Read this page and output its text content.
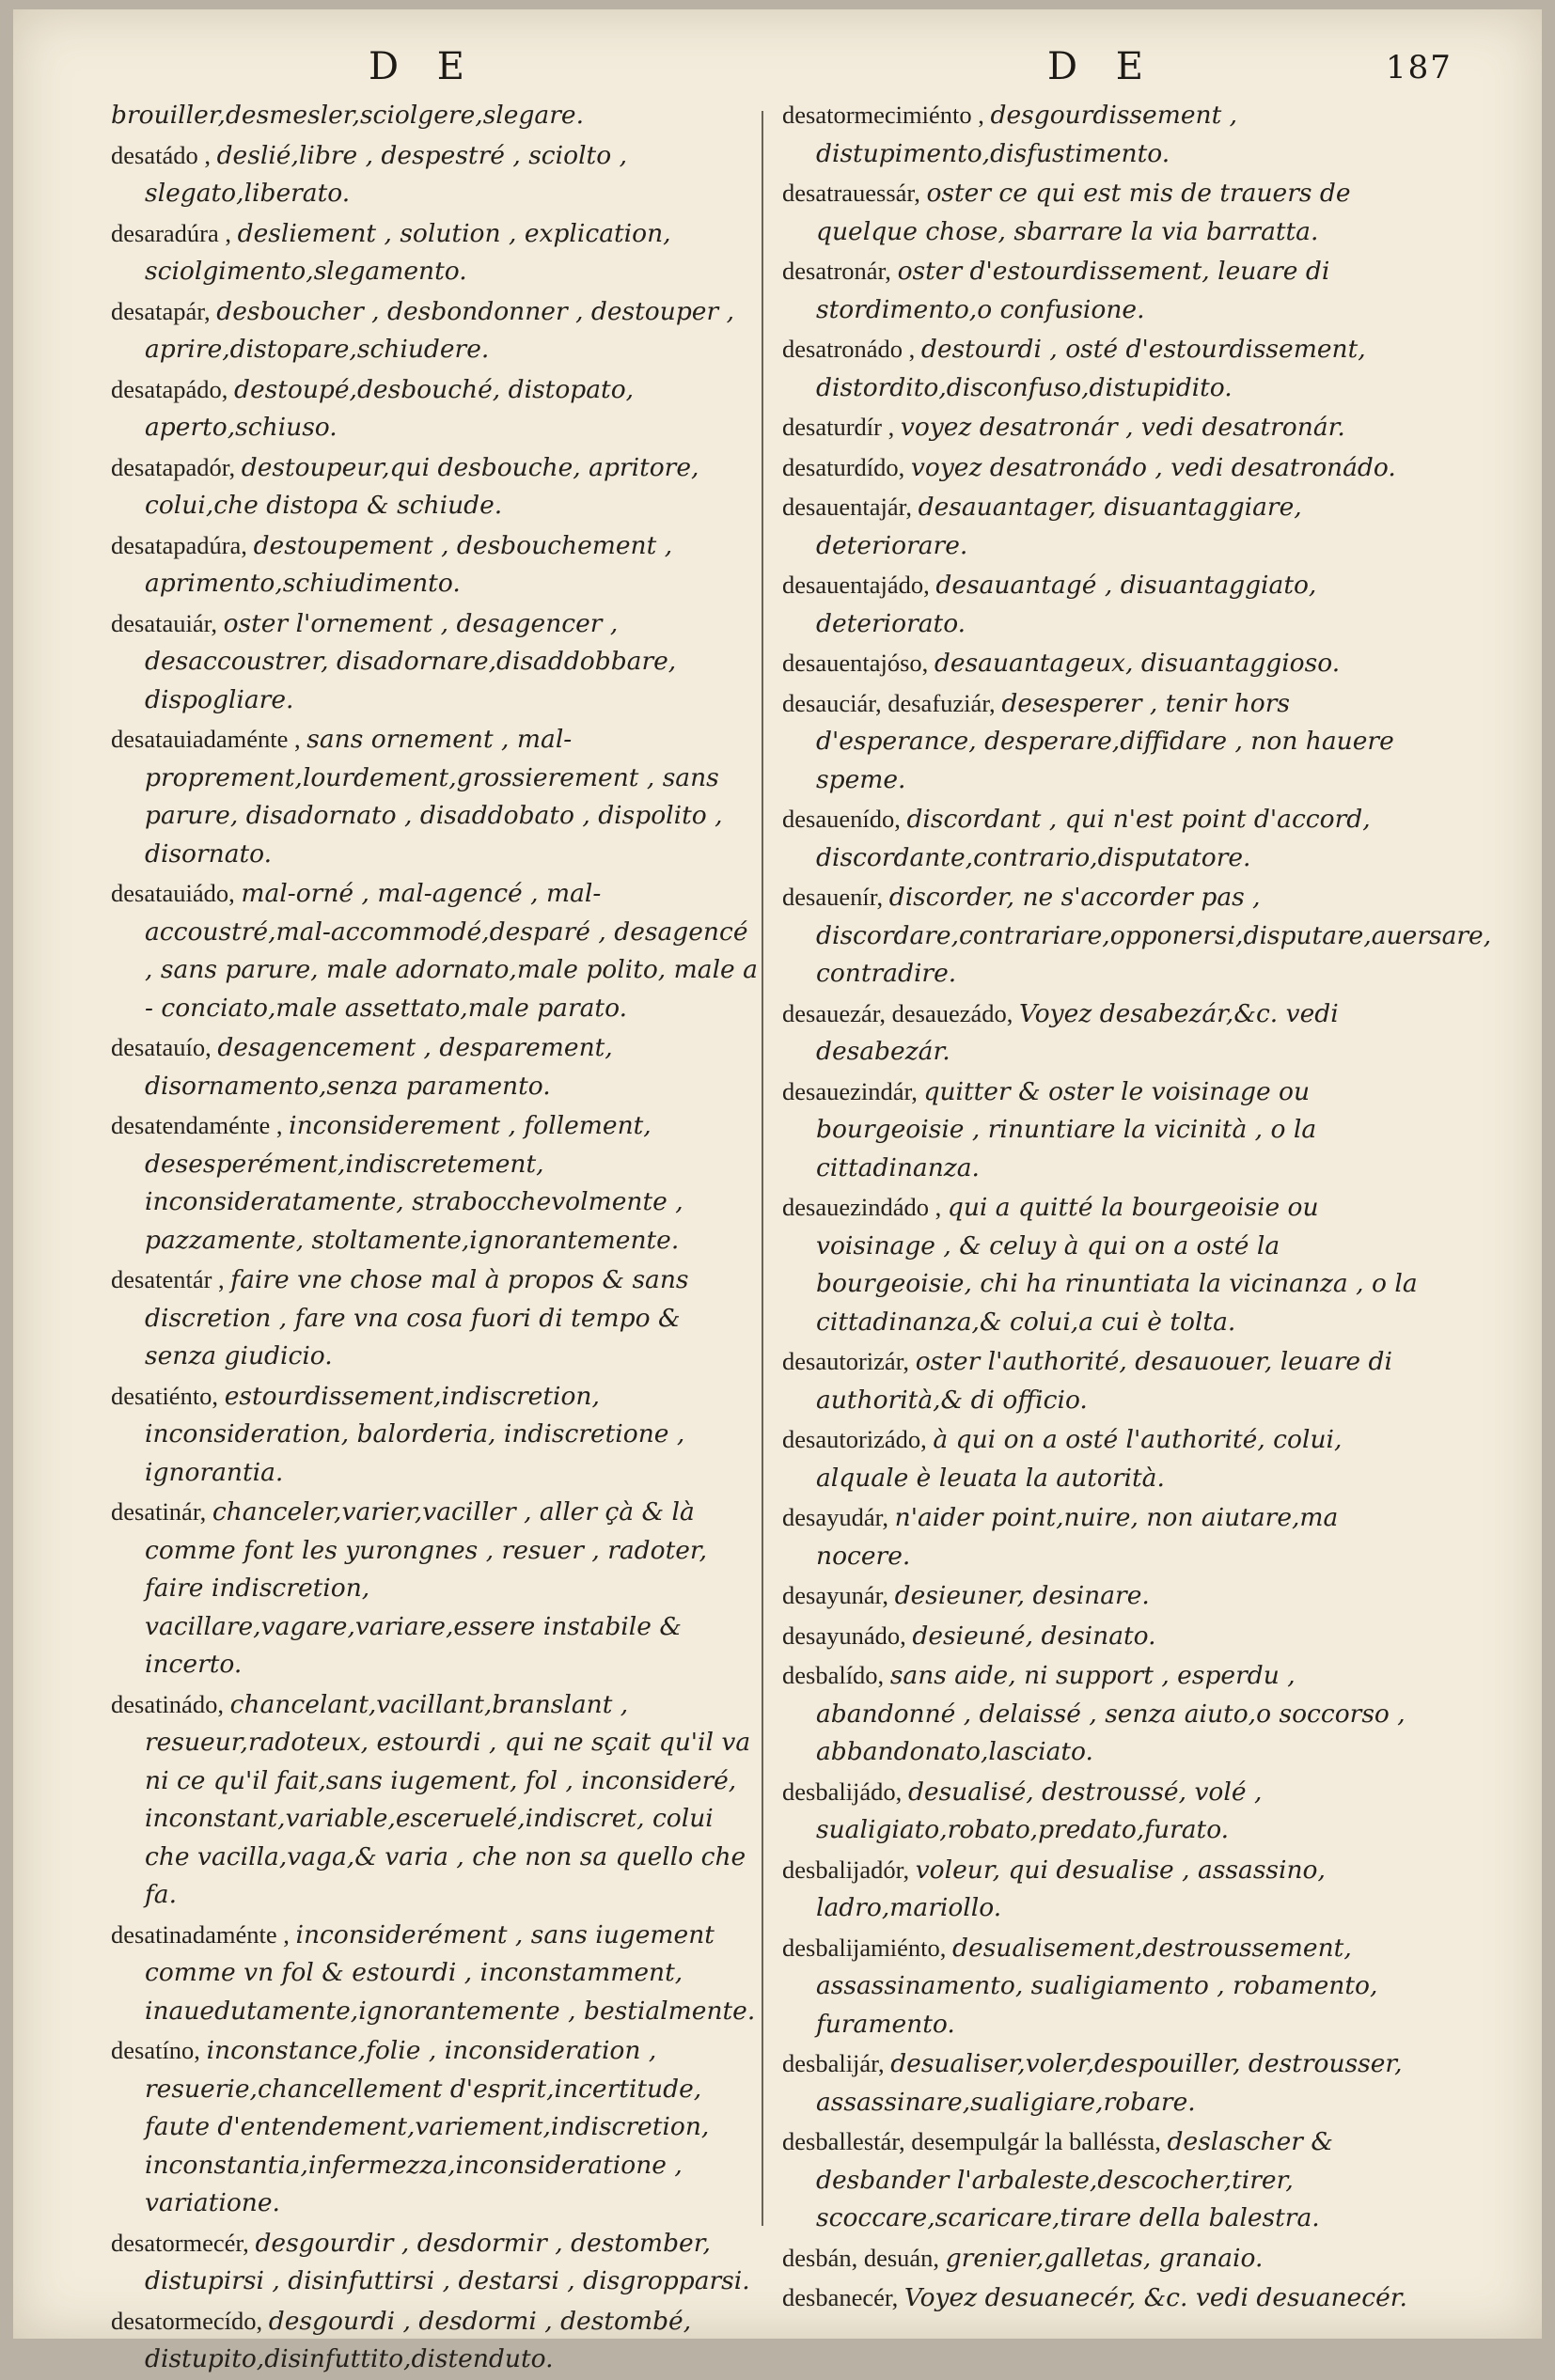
D E	D E	187
brouiller,desmesler,sciolgere,slegare.
desatádo , deslié,libre , despestré , sciolto , slegato,liberato.
desaradúra , desliement , solution , explication, sciolgimento,slegamento.
desatapár, desboucher , desbondonner , destouper , aprire,distopare,schiudere.
desatapádo, destoupé,desbouché, distopato, aperto,schiuso.
desatapadór, destoupeur,qui desbouche, apritore, colui,che distopa & schiude.
desatapadúra, destoupement , desbouchement , aprimento,schiudimento.
desatauiár, oster l'ornement , desagencer , desaccoustrer, disadornare,disaddobbare, dispogliare.
desatauiadaménte , sans ornement , mal-proprement,lourdement,grossierement , sans parure, disadornato , disaddobato , dispolito , disornato.
desatauiádo, mal-orné , mal-agencé , mal-accoustré,mal-accommodé,desparé , desagencé , sans parure, male adornato,male polito, male a - conciato,male assettato,male parato.
desatauío, desagencement , desparement, disornamento,senza paramento.
desatendaménte , inconsiderement , follement, desesperément,indiscretement, inconsideratamente, strabocchevolmente , pazzamente, stoltamente,ignorantemente.
desatentár , faire vne chose mal à propos & sans discretion , fare vna cosa fuori di tempo & senza giudicio.
desatiénto, estourdissement,indiscretion, inconsideration, balorderia, indiscretione , ignorantia.
desatinár, chanceler,varier,vaciller , aller çà & là comme font les yurongnes , resuer , radoter, faire indiscretion, vacillare,vagare,variare,essere instabile & incerto.
desatinádo, chancelant,vacillant,branslant , resueur,radoteux, estourdi , qui ne sçait qu'il va ni ce qu'il fait,sans iugement, fol , inconsideré, inconstant,variable,esceruelé,indiscret, colui che vacilla,vaga,& varia , che non sa quello che fa.
desatinadaménte , inconsiderément , sans iugement comme vn fol & estourdi , inconstamment, inauedutamente,ignorantemente , bestialmente.
desatíno, inconstance,folie , inconsideration , resuerie,chancellement d'esprit,incertitude, faute d'entendement,variement,indiscretion, inconstantia,infermezza,inconsideratione , variatione.
desatormecér, desgourdir , desdormir , destomber, distupirsi , disinfuttirsi , destarsi , disgropparsi.
desatormecído, desgourdi , desdormi , destombé, distupito,disinfuttito,distenduto.
desatormecimiénto , desgourdissement , distupimento,disfustimento.
desatrauessár, oster ce qui est mis de trauers de quelque chose, sbarrare la via barratta.
desatronár, oster d'estourdissement, leuare di stordimento,o confusione.
desatronádo , destourdi , osté d'estourdissement, distordito,disconfuso,distupidito.
desaturdír , voyez desatronár , vedi desatronár.
desaturdído, voyez desatronádo , vedi desatronádo.
desauentajár, desauantager, disuantaggiare, deteriorare.
desauentajádo, desauantagé , disuantaggiato, deteriorato.
desauentajóso, desauantageux, disuantaggioso.
desauciár, desafuziár, desesperer , tenir hors d'esperance, desperare,diffidare , non hauere speme.
desauenído, discordant , qui n'est point d'accord, discordante,contrario,disputatore.
desauenír, discorder, ne s'accorder pas , discordare,contrariare,opponersi,disputare,auersare, contradire.
desauezár, desauezádo, Voyez desabezár,&c. vedi desabezár.
desauezindár, quitter & oster le voisinage ou bourgeoisie , rinuntiare la vicinità , o la cittadinanza.
desauezindádo , qui a quitté la bourgeoisie ou voisinage , & celuy à qui on a osté la bourgeoisie, chi ha rinuntiata la vicinanza , o la cittadinanza,& colui,a cui è tolta.
desautorizár, oster l'authorité, desauouer, leuare di authorità,& di officio.
desautorizádo, à qui on a osté l'authorité, colui, alquale è leuata la autorità.
desayudár, n'aider point,nuire, non aiutare,ma nocere.
desayunár, desieuner, desinare.
desayunádo, desieuné, desinato.
desbalído, sans aide, ni support , esperdu , abandonné , delaissé , senza aiuto,o soccorso , abbandonato,lasciato.
desbalijádo, desualisé, destroussé, volé , sualigiato,robato,predato,furato.
desbalijadór, voleur, qui desualise , assassino, ladro,mariollo.
desbalijamiénto, desualisement,destroussement, assassinamento, sualigiamento , robamento, furamento.
desbalijár, desualiser,voler,despouiller, destrousser, assassinare,sualigiare,robare.
desballestár, desempulgár la balléssta, deslascher & desbander l'arbaleste,descocher,tirer, scoccare,scaricare,tirare della balestra.
desbán, desuán, grenier,galletas, granaio.
desbanecér, Voyez desuanecér, &c. vedi desuanecér.
